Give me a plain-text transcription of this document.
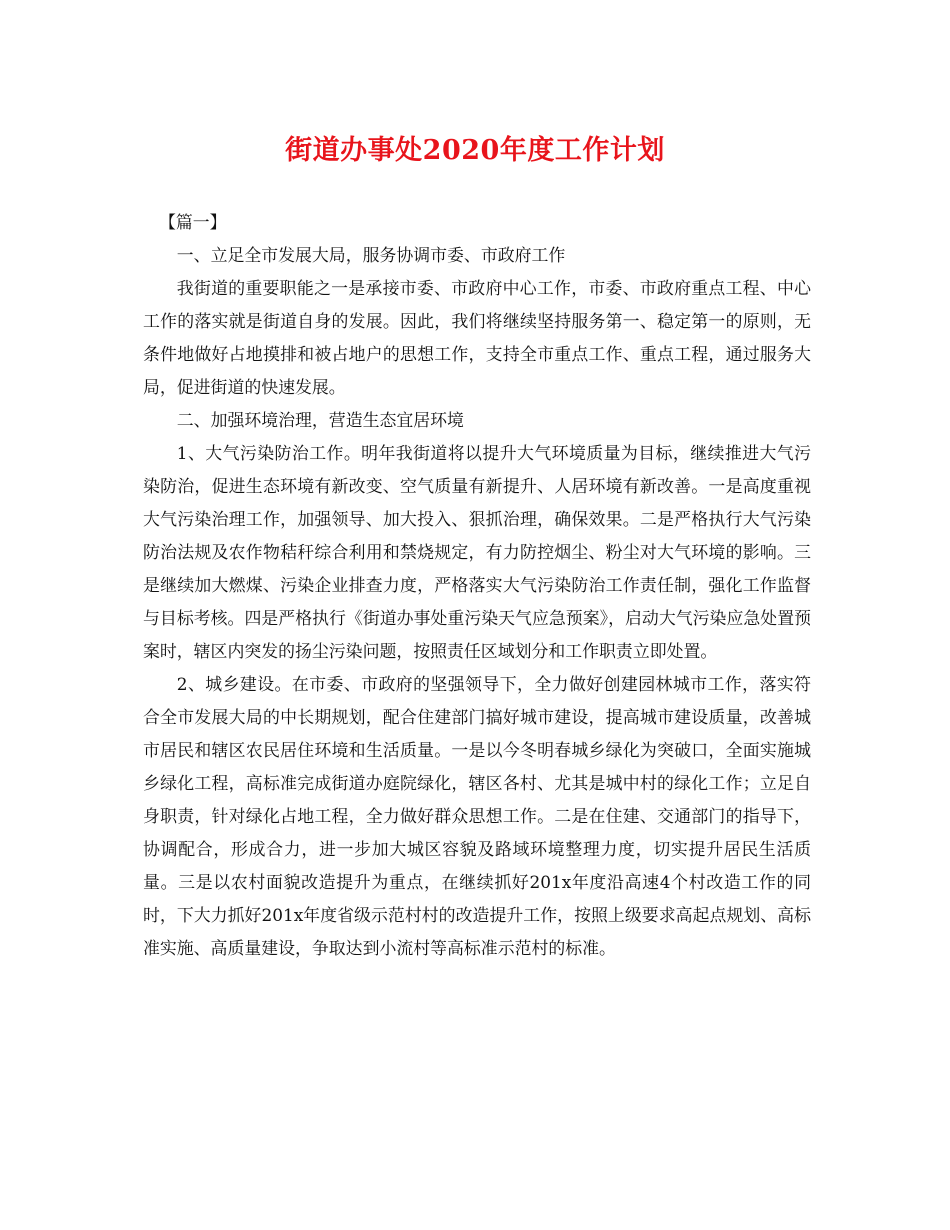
街道办事处2020年度工作计划

【篇一】

一、立足全市发展大局，服务协调市委、市政府工作

我街道的重要职能之一是承接市委、市政府中心工作，市委、市政府重点工程、中心工作的落实就是街道自身的发展。因此，我们将继续坚持服务第一、稳定第一的原则，无条件地做好占地摸排和被占地户的思想工作，支持全市重点工作、重点工程，通过服务大局，促进街道的快速发展。

二、加强环境治理，营造生态宜居环境

1、大气污染防治工作。明年我街道将以提升大气环境质量为目标，继续推进大气污染防治，促进生态环境有新改变、空气质量有新提升、人居环境有新改善。一是高度重视大气污染治理工作，加强领导、加大投入、狠抓治理，确保效果。二是严格执行大气污染防治法规及农作物秸秆综合利用和禁烧规定，有力防控烟尘、粉尘对大气环境的影响。三是继续加大燃煤、污染企业排查力度，严格落实大气污染防治工作责任制，强化工作监督与目标考核。四是严格执行《街道办事处重污染天气应急预案》，启动大气污染应急处置预案时，辖区内突发的扬尘污染问题，按照责任区域划分和工作职责立即处置。

2、城乡建设。在市委、市政府的坚强领导下，全力做好创建园林城市工作，落实符合全市发展大局的中长期规划，配合住建部门搞好城市建设，提高城市建设质量，改善城市居民和辖区农民居住环境和生活质量。一是以今冬明春城乡绿化为突破口，全面实施城乡绿化工程，高标准完成街道办庭院绿化，辖区各村、尤其是城中村的绿化工作；立足自身职责，针对绿化占地工程，全力做好群众思想工作。二是在住建、交通部门的指导下，协调配合，形成合力，进一步加大城区容貌及路域环境整理力度，切实提升居民生活质量。三是以农村面貌改造提升为重点，在继续抓好201x年度沿高速4个村改造工作的同时，下大力抓好201x年度省级示范村村的改造提升工作，按照上级要求高起点规划、高标准实施、高质量建设，争取达到小流村等高标准示范村的标准。
